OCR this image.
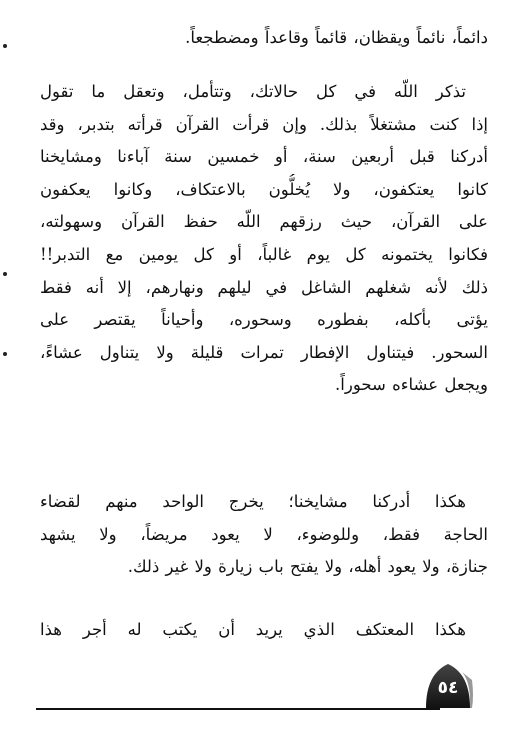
دائماً، نائماً ويقظان، قائماً وقاعداً ومضطجعاً.
تذكر اللّه في كل حالاتك، وتتأمل، وتعقل ما تقول
إذا كنت مشتغلاً بذلك. وإن قرأت القرآن قرأته بتدبر، وقد
أدركنا قبل أربعين سنة، أو خمسين سنة آباءنا ومشايخنا
كانوا يعتكفون، ولا يُخلُّون بالاعتكاف، وكانوا يعكفون
على القرآن، حيث رزقهم اللّه حفظ القرآن وسهولته،
فكانوا يختمونه كل يوم غالباً، أو كل يومين مع التدبر!!
ذلك لأنه شغلهم الشاغل في ليلهم ونهارهم، إلا أنه فقط
يؤتى بأكله، بفطوره وسحوره، وأحياناً يقتصر على
السحور. فيتناول الإفطار تمرات قليلة ولا يتناول عشاءً،
ويجعل عشاءه سحوراً.
هكذا أدركنا مشايخنا؛ يخرج الواحد منهم لقضاء
الحاجة فقط، وللوضوء، لا يعود مريضاً، ولا يشهد
جنازة، ولا يعود أهله، ولا يفتح باب زيارة ولا غير ذلك.
هكذا المعتكف الذي يريد أن يكتب له أجر هذا
٥٤
